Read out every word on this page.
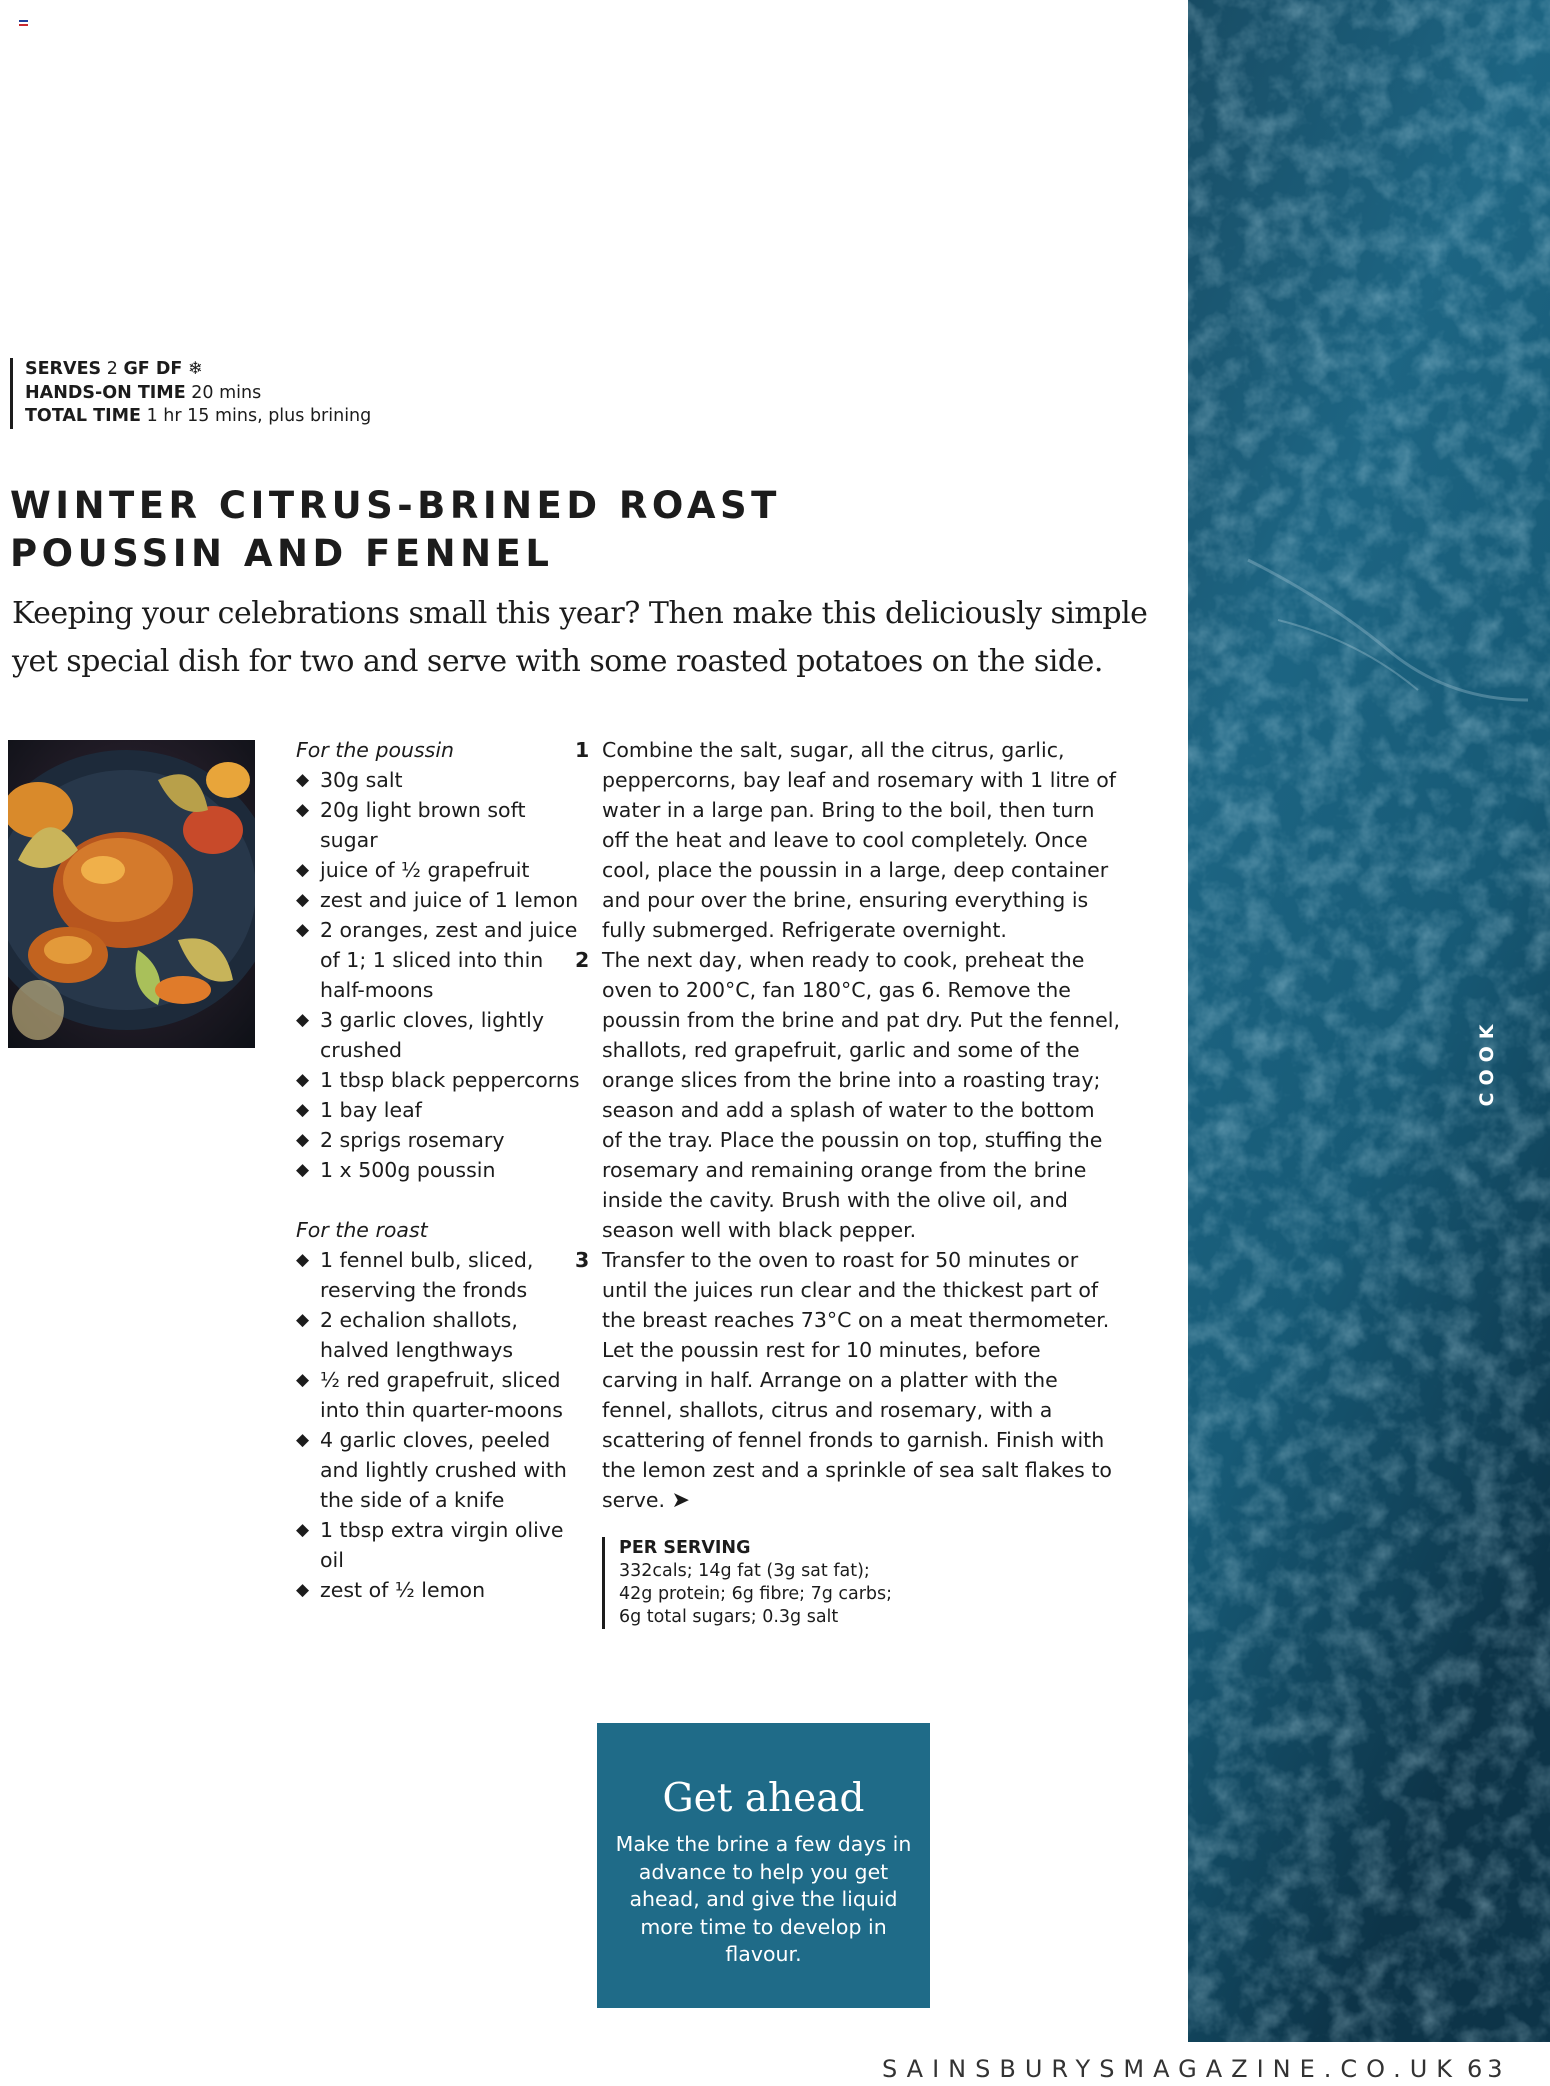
SERVES 2 GF DF ❄
HANDS-ON TIME 20 mins
TOTAL TIME 1 hr 15 mins, plus brining
WINTER CITRUS-BRINED ROAST
POUSSIN AND FENNEL
Keeping your celebrations small this year? Then make this deliciously simple
yet special dish for two and serve with some roasted potatoes on the side.
For the poussin
◆ 30g salt
◆ 20g light brown soft sugar
◆ juice of ½ grapefruit
◆ zest and juice of 1 lemon
◆ 2 oranges, zest and juice of 1; 1 sliced into thin half-moons
◆ 3 garlic cloves, lightly crushed
◆ 1 tbsp black peppercorns
◆ 1 bay leaf
◆ 2 sprigs rosemary
◆ 1 x 500g poussin
For the roast
◆ 1 fennel bulb, sliced, reserving the fronds
◆ 2 echalion shallots, halved lengthways
◆ ½ red grapefruit, sliced into thin quarter-moons
◆ 4 garlic cloves, peeled and lightly crushed with the side of a knife
◆ 1 tbsp extra virgin olive oil
◆ zest of ½ lemon
1 Combine the salt, sugar, all the citrus, garlic, peppercorns, bay leaf and rosemary with 1 litre of water in a large pan. Bring to the boil, then turn off the heat and leave to cool completely. Once cool, place the poussin in a large, deep container and pour over the brine, ensuring everything is fully submerged. Refrigerate overnight.
2 The next day, when ready to cook, preheat the oven to 200°C, fan 180°C, gas 6. Remove the poussin from the brine and pat dry. Put the fennel, shallots, red grapefruit, garlic and some of the orange slices from the brine into a roasting tray; season and add a splash of water to the bottom of the tray. Place the poussin on top, stuffing the rosemary and remaining orange from the brine inside the cavity. Brush with the olive oil, and season well with black pepper.
3 Transfer to the oven to roast for 50 minutes or until the juices run clear and the thickest part of the breast reaches 73°C on a meat thermometer. Let the poussin rest for 10 minutes, before carving in half. Arrange on a platter with the fennel, shallots, citrus and rosemary, with a scattering of fennel fronds to garnish. Finish with the lemon zest and a sprinkle of sea salt flakes to serve. ➤
PER SERVING
332cals; 14g fat (3g sat fat);
42g protein; 6g fibre; 7g carbs;
6g total sugars; 0.3g salt
Get ahead
Make the brine a few days in advance to help you get ahead, and give the liquid more time to develop in flavour.
COOK
SAINSBURYSMAGAZINE.CO.UK 63
